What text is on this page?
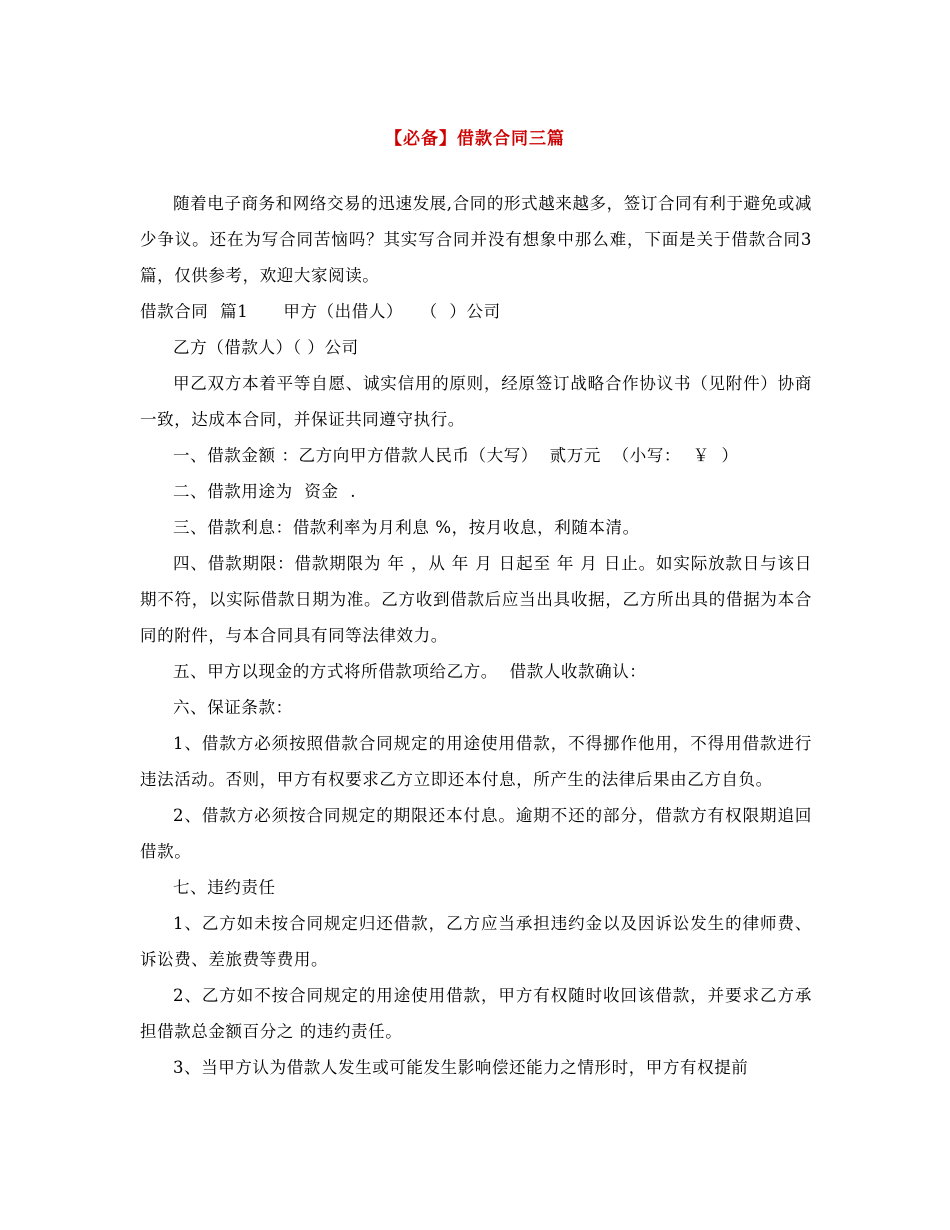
【必备】借款合同三篇

随着电子商务和网络交易的迅速发展,合同的形式越来越多，签订合同有利于避免或减少争议。还在为写合同苦恼吗？其实写合同并没有想象中那么难，下面是关于借款合同3篇，仅供参考，欢迎大家阅读。

借款合同  篇1      甲方（出借人）   （  ）公司

乙方（借款人）（ ）公司

甲乙双方本着平等自愿、诚实信用的原则，经原签订战略合作协议书（见附件）协商一致，达成本合同，并保证共同遵守执行。

一、借款金额 ：乙方向甲方借款人民币（大写）  贰万元  （小写：  ￥  ）

二、借款用途为  资金  .

三、借款利息：借款利率为月利息 %，按月收息，利随本清。

四、借款期限：借款期限为 年 ，从 年 月 日起至 年 月 日止。如实际放款日与该日期不符，以实际借款日期为准。乙方收到借款后应当出具收据，乙方所出具的借据为本合同的附件，与本合同具有同等法律效力。

五、甲方以现金的方式将所借款项给乙方。  借款人收款确认：

六、保证条款：

1、借款方必须按照借款合同规定的用途使用借款，不得挪作他用，不得用借款进行违法活动。否则，甲方有权要求乙方立即还本付息，所产生的法律后果由乙方自负。

2、借款方必须按合同规定的期限还本付息。逾期不还的部分，借款方有权限期追回借款。

七、违约责任

1、乙方如未按合同规定归还借款，乙方应当承担违约金以及因诉讼发生的律师费、诉讼费、差旅费等费用。

2、乙方如不按合同规定的用途使用借款，甲方有权随时收回该借款，并要求乙方承担借款总金额百分之 的违约责任。

3、当甲方认为借款人发生或可能发生影响偿还能力之情形时，甲方有权提前
